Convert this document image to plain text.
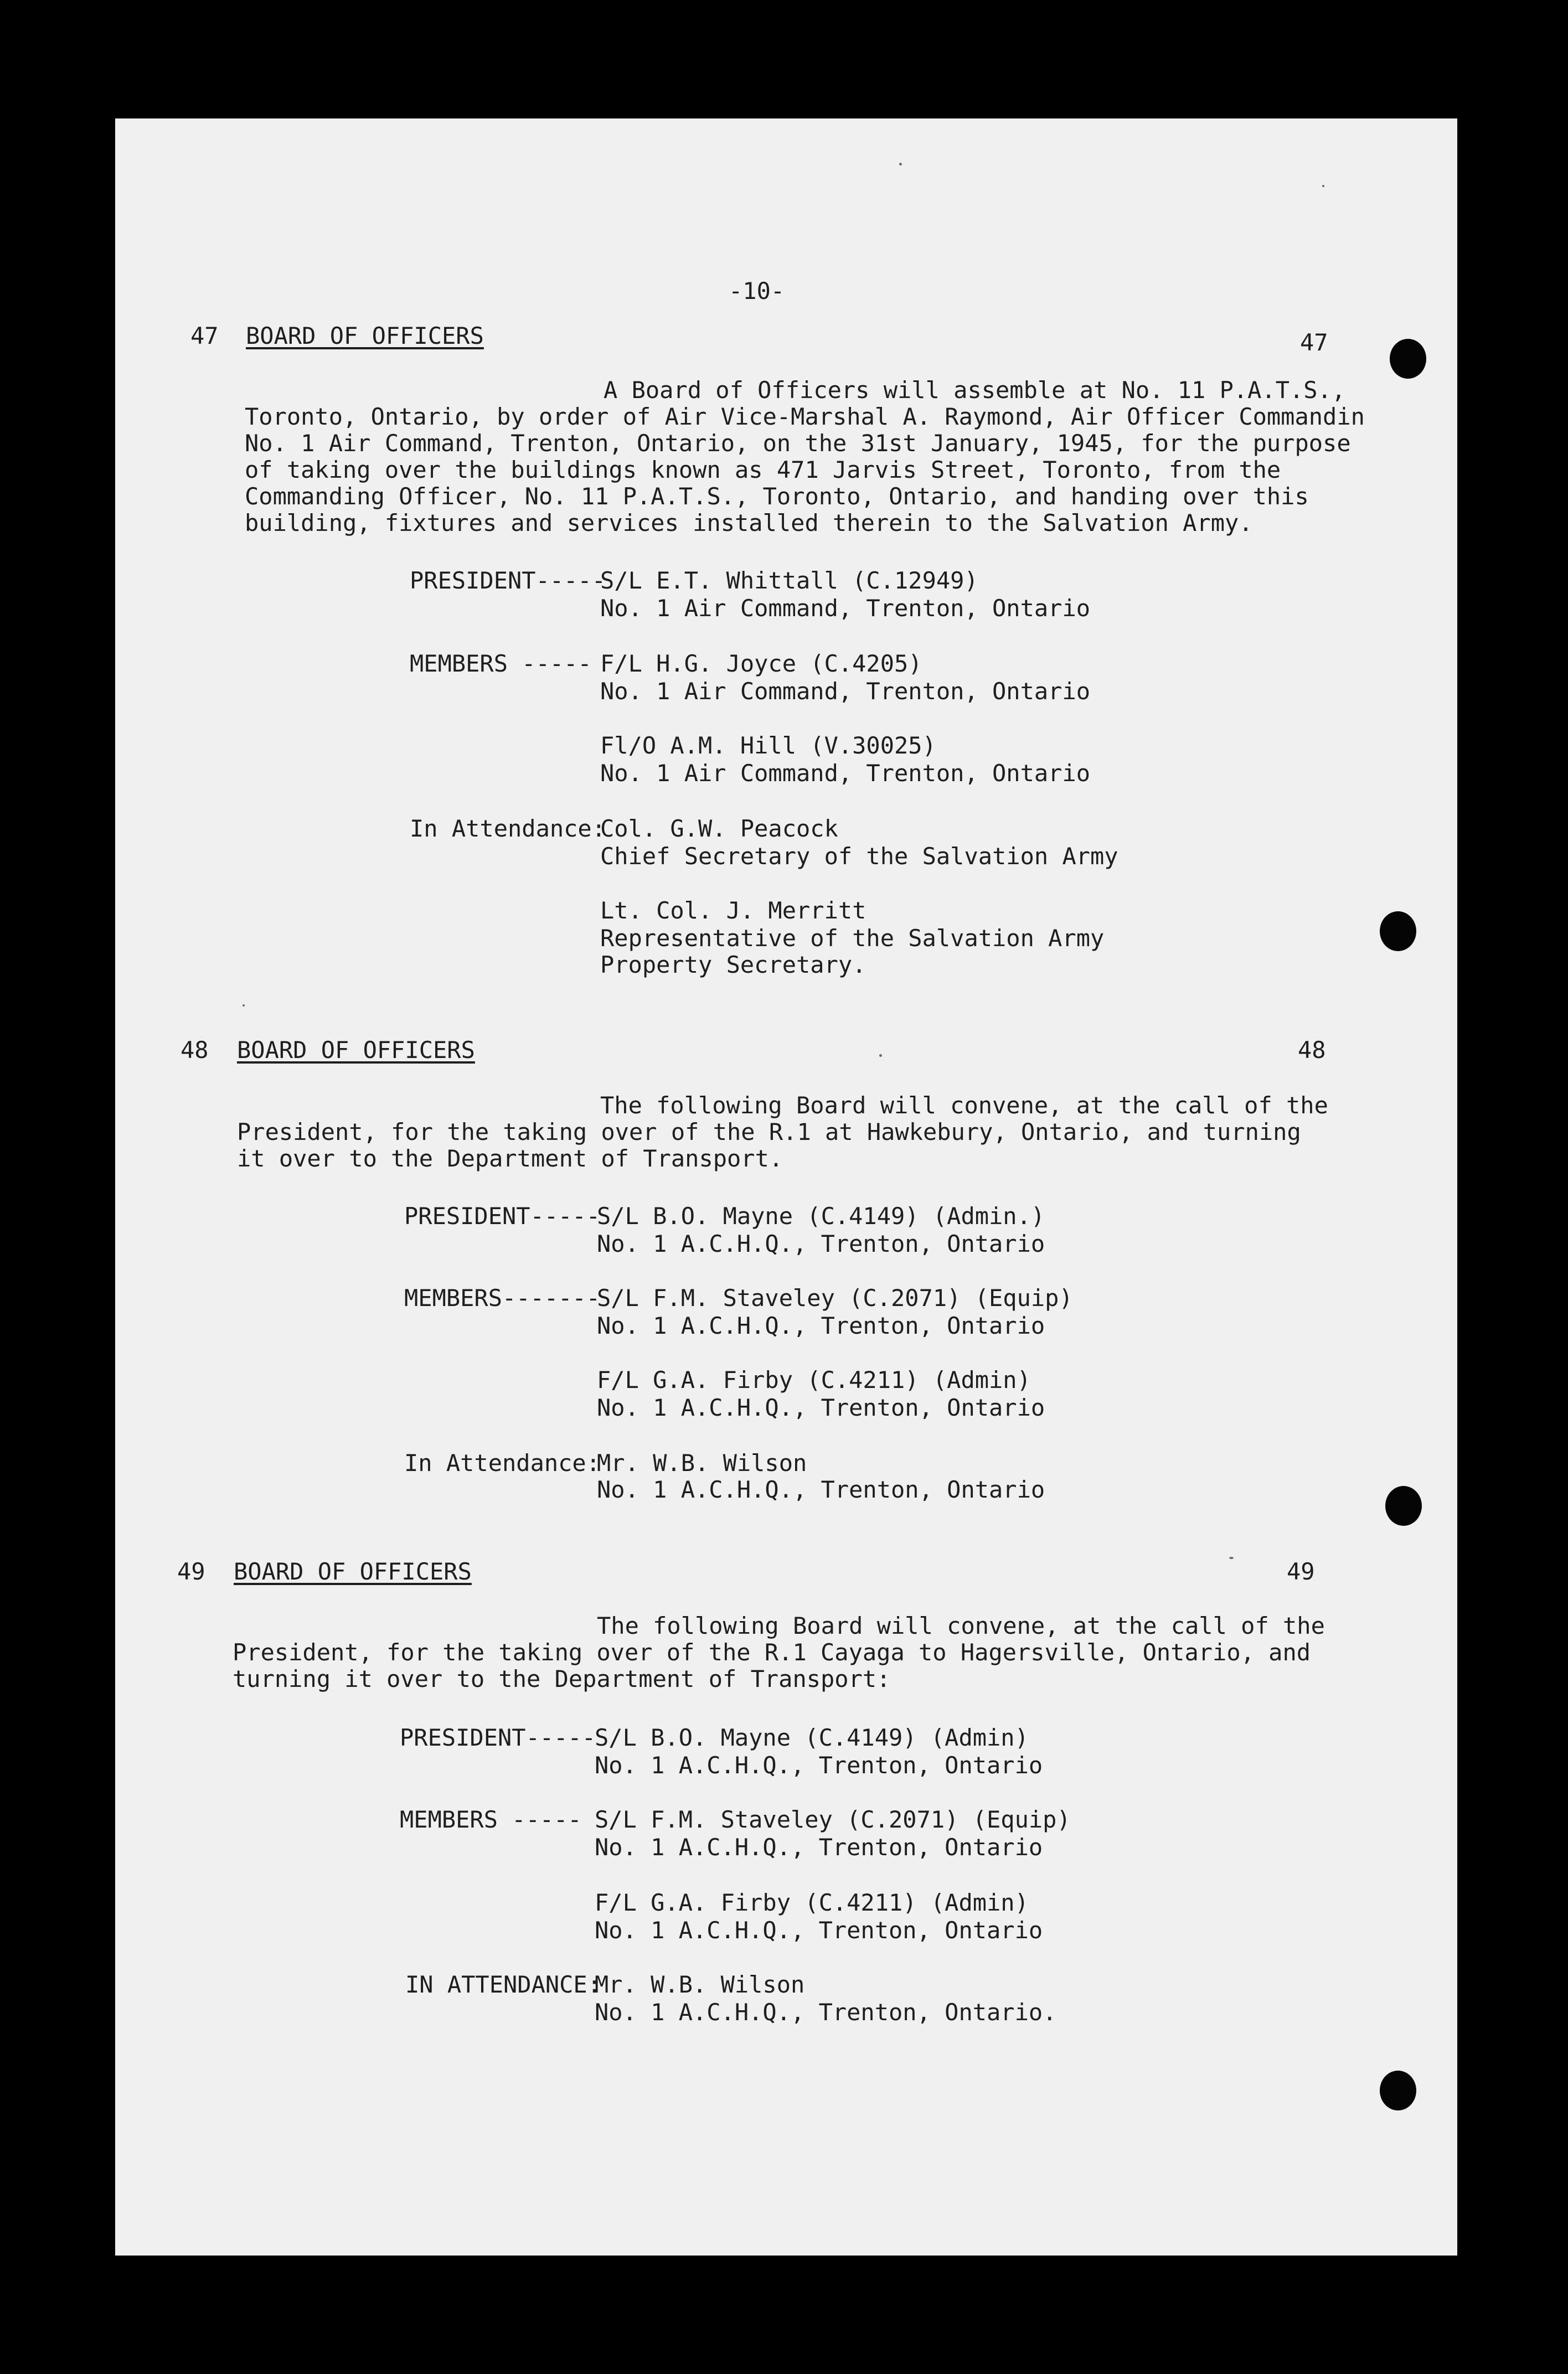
-10-
47 BOARD OF OFFICERS	47
A Board of Officers will assemble at No. 11 P.A.T.S.,
Toronto, Ontario, by order of Air Vice-Marshal A. Raymond, Air Officer Commandin
No. 1 Air Command, Trenton, Ontario, on the 31st January, 1945, for the purpose
of taking over the buildings known as 471 Jarvis Street, Toronto, from the
Commanding Officer, No. 11 P.A.T.S., Toronto, Ontario, and handing over this
building, fixtures and services installed therein to the Salvation Army.
PRESIDENT-----
S/L E.T. Whittall (C.12949)
No. 1 Air Command, Trenton, Ontario
MEMBERS ----- F/L H.G. Joyce (C.4205)
No. 1 Air Command, Trenton, Ontario
Fl/O A.M. Hill (V.30025)
No. 1 Air Command, Trenton, Ontario
In Attendance:
Col. G.W. Peacock
Chief Secretary of the Salvation Army
Lt. Col. J. Merritt
Representative of the Salvation Army
Property Secretary.
48 BOARD OF OFFICERS	48
The following Board will convene, at the call of the
President, for the taking over of the R.1 at Hawkebury, Ontario, and turning
it over to the Department of Transport.
PRESIDENT-----
S/L B.O. Mayne (C.4149) (Admin.)
No. 1 A.C.H.Q., Trenton, Ontario
MEMBERS-------
S/L F.M. Staveley (C.2071) (Equip)
No. 1 A.C.H.Q., Trenton, Ontario
F/L G.A. Firby (C.4211) (Admin)
No. 1 A.C.H.Q., Trenton, Ontario
In Attendance:
Mr. W.B. Wilson
No. 1 A.C.H.Q., Trenton, Ontario
49 BOARD OF OFFICERS	49
The following Board will convene, at the call of the
President, for the taking over of the R.1 Cayaga to Hagersville, Ontario, and
turning it over to the Department of Transport:
PRESIDENT-----
S/L B.O. Mayne (C.4149) (Admin)
No. 1 A.C.H.Q., Trenton, Ontario
MEMBERS ----- S/L F.M. Staveley (C.2071) (Equip)
No. 1 A.C.H.Q., Trenton, Ontario
F/L G.A. Firby (C.4211) (Admin)
No. 1 A.C.H.Q., Trenton, Ontario
IN ATTENDANCE:
Mr. W.B. Wilson
No. 1 A.C.H.Q., Trenton, Ontario.
